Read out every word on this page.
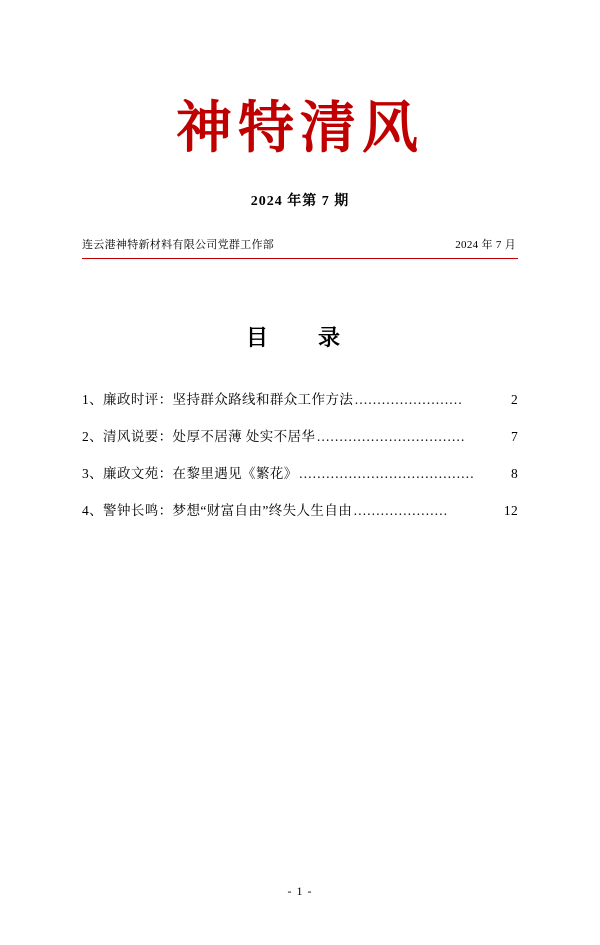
神特清风
2024 年第 7 期
连云港神特新材料有限公司党群工作部	2024 年 7 月
目　录
1、廉政时评：坚持群众路线和群众工作方法 ……………………	2
2、清风说要：处厚不居薄 处实不居华 ……………………………	7
3、廉政文苑：在黎里遇见《繁花》 …………………………………	8
4、警钟长鸣：梦想“财富自由”终失人生自由 …………………	12
- 1 -
